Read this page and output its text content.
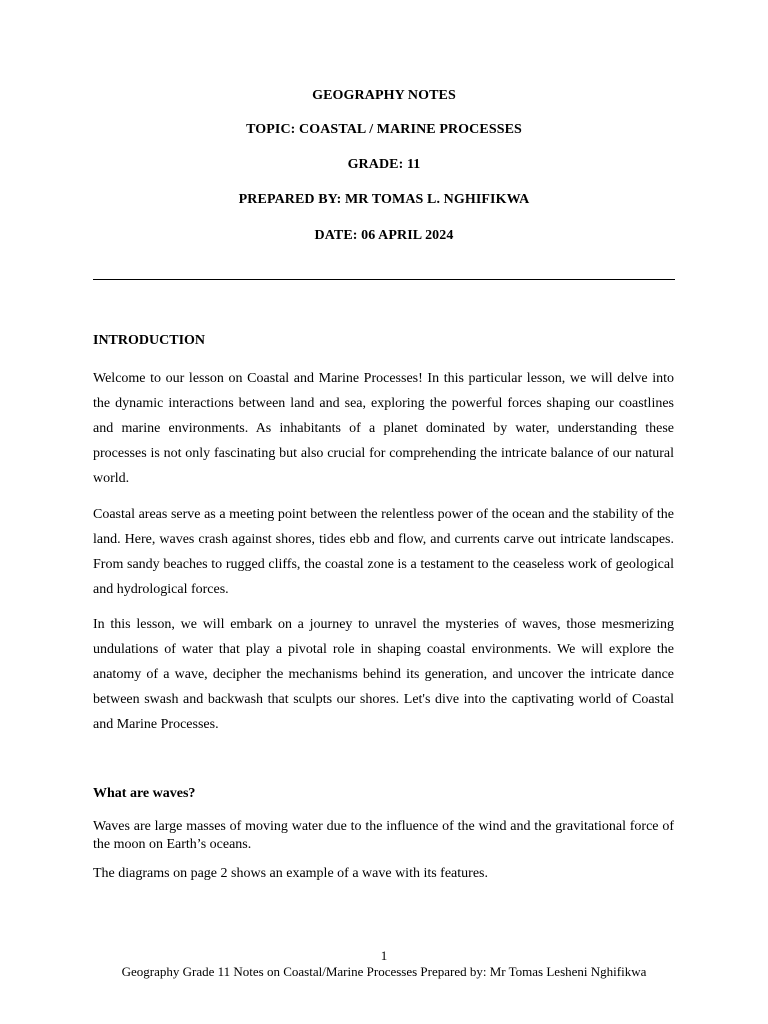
GEOGRAPHY NOTES
TOPIC: COASTAL / MARINE PROCESSES
GRADE: 11
PREPARED BY: MR TOMAS L. NGHIFIKWA
DATE: 06 APRIL 2024
INTRODUCTION

Welcome to our lesson on Coastal and Marine Processes! In this particular lesson, we will delve into the dynamic interactions between land and sea, exploring the powerful forces shaping our coastlines and marine environments. As inhabitants of a planet dominated by water, understanding these processes is not only fascinating but also crucial for comprehending the intricate balance of our natural world.

Coastal areas serve as a meeting point between the relentless power of the ocean and the stability of the land. Here, waves crash against shores, tides ebb and flow, and currents carve out intricate landscapes. From sandy beaches to rugged cliffs, the coastal zone is a testament to the ceaseless work of geological and hydrological forces.

In this lesson, we will embark on a journey to unravel the mysteries of waves, those mesmerizing undulations of water that play a pivotal role in shaping coastal environments. We will explore the anatomy of a wave, decipher the mechanisms behind its generation, and uncover the intricate dance between swash and backwash that sculpts our shores. Let's dive into the captivating world of Coastal and Marine Processes.

What are waves?

Waves are large masses of moving water due to the influence of the wind and the gravitational force of the moon on Earth’s oceans.

The diagrams on page 2 shows an example of a wave with its features.

1
Geography Grade 11 Notes on Coastal/Marine Processes Prepared by: Mr Tomas Lesheni Nghifikwa
